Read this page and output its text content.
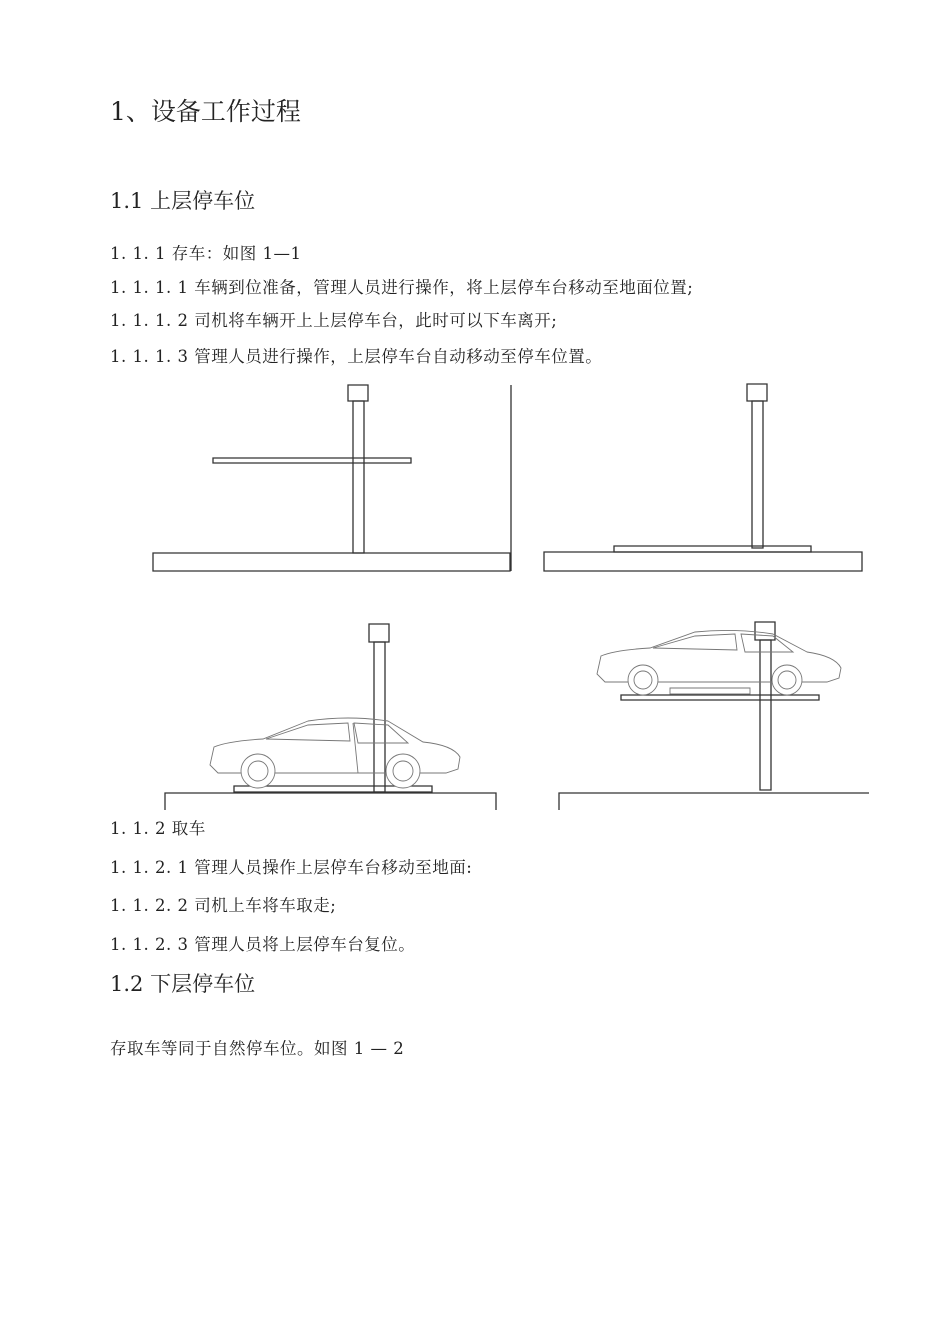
1、设备工作过程
1.1 上层停车位
1. 1. 1 存车：如图 1—1
1. 1. 1. 1 车辆到位准备，管理人员进行操作，将上层停车台移动至地面位置;
1. 1. 1. 2 司机将车辆开上上层停车台，此时可以下车离开;
1. 1. 1. 3 管理人员进行操作，上层停车台自动移动至停车位置。
1. 1. 2 取车
1. 1. 2. 1 管理人员操作上层停车台移动至地面:
1. 1. 2. 2 司机上车将车取走;
1. 1. 2. 3 管理人员将上层停车台复位。
1.2 下层停车位
存取车等同于自然停车位。如图 1 — 2
